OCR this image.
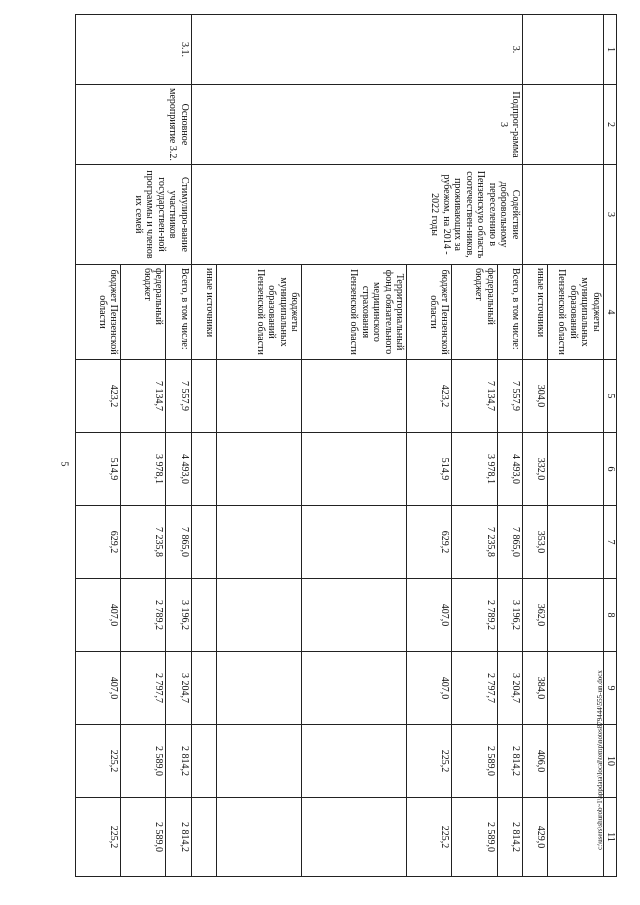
5
1	2	3	4	5	6	7	8	9	10	11
			бюджеты муниципальных образований Пензенской области							
			иные источники	304,0	332,0	353,0	362,0	384,0	406,0	429,0
3.	Подпрог-рамма 3	Содействие добровольному переселению в Пензенскую область соотечествен-ников, проживающих за рубежом, на 2014 - 2022 годы	Всего, в том числе:	7 557,9	4 493,0	7 865,0	3 196,2	3 204,7	2 814,2	2 814,2
			федеральный бюджет	7 134,7	3 978,1	7 235,8	2 789,2	2 797,7	2 589,0	2 589,0
			бюджет Пензенской области	423,2	514,9	629,2	407,0	407,0	225,2	225,2
			Территориальный фонд обязательного медицинского страхования Пензенской области							
			бюджеты муниципальных образований Пензенской области							
			иные источники							
3.1.	Основное мероприятие 3.2.	Стимулиро-вание участников государствен-ной программы и членов их семей	Всего, в том числе:	7 557,9	4 493,0	7 865,0	3 196,2	3 204,7	2 814,2	2 814,2
			федеральный бюджет	7 134,7	3 978,1	7 235,8	2 789,2	2 797,7	2 589,0	2 589,0
			бюджет Пензенской области	423,2	514,9	629,2	407,0	407,0	225,2	225,2	c:\users\shurob~1\appdata\local\temp\notes879444\555-un.docx
